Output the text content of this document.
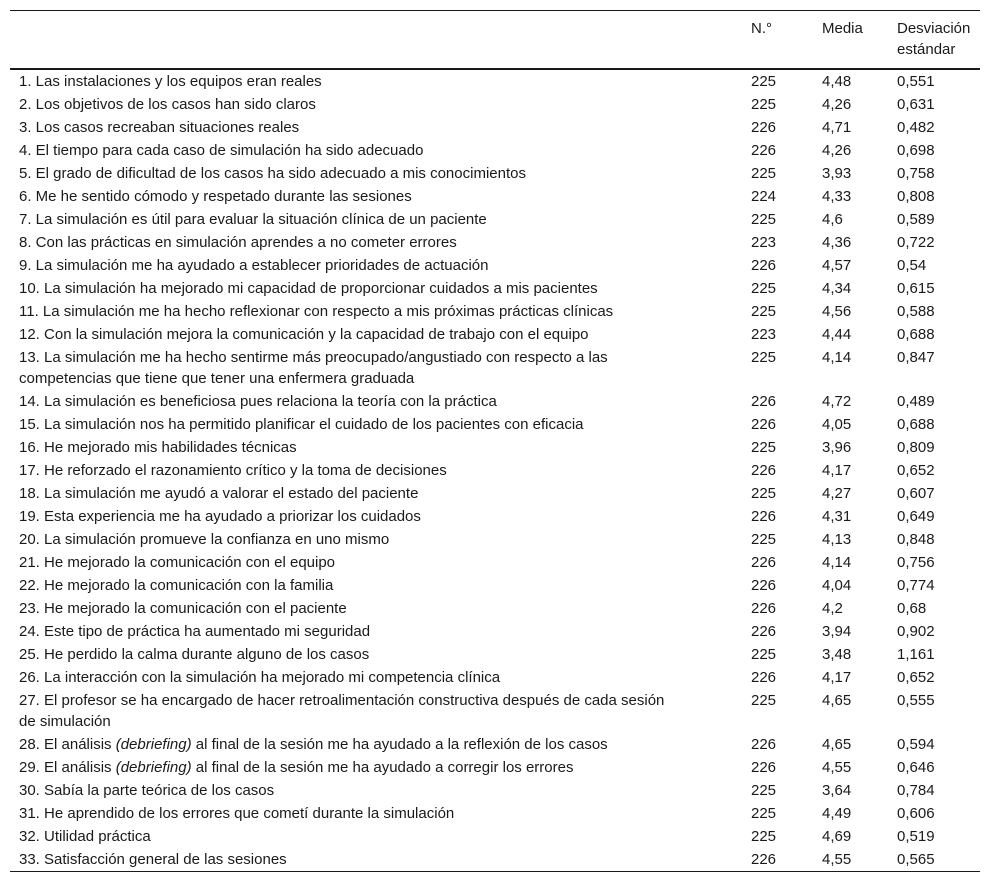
	N.°	Media	Desviación estándar

1. Las instalaciones y los equipos eran reales	225	4,48	0,551

2. Los objetivos de los casos han sido claros	225	4,26	0,631

3. Los casos recreaban situaciones reales	226	4,71	0,482

4. El tiempo para cada caso de simulación ha sido adecuado	226	4,26	0,698

5. El grado de dificultad de los casos ha sido adecuado a mis conocimientos	225	3,93	0,758

6. Me he sentido cómodo y respetado durante las sesiones	224	4,33	0,808

7. La simulación es útil para evaluar la situación clínica de un paciente	225	4,6	0,589

8. Con las prácticas en simulación aprendes a no cometer errores	223	4,36	0,722

9. La simulación me ha ayudado a establecer prioridades de actuación	226	4,57	0,54

10. La simulación ha mejorado mi capacidad de proporcionar cuidados a mis pacientes	225	4,34	0,615

11. La simulación me ha hecho reflexionar con respecto a mis próximas prácticas clínicas	225	4,56	0,588

12. Con la simulación mejora la comunicación y la capacidad de trabajo con el equipo	223	4,44	0,688

13. La simulación me ha hecho sentirme más preocupado/angustiado con respecto a las competencias que tiene que tener una enfermera graduada	225	4,14	0,847

14. La simulación es beneficiosa pues relaciona la teoría con la práctica	226	4,72	0,489

15. La simulación nos ha permitido planificar el cuidado de los pacientes con eficacia	226	4,05	0,688

16. He mejorado mis habilidades técnicas	225	3,96	0,809

17. He reforzado el razonamiento crítico y la toma de decisiones	226	4,17	0,652

18. La simulación me ayudó a valorar el estado del paciente	225	4,27	0,607

19. Esta experiencia me ha ayudado a priorizar los cuidados	226	4,31	0,649

20. La simulación promueve la confianza en uno mismo	225	4,13	0,848

21. He mejorado la comunicación con el equipo	226	4,14	0,756

22. He mejorado la comunicación con la familia	226	4,04	0,774

23. He mejorado la comunicación con el paciente	226	4,2	0,68

24. Este tipo de práctica ha aumentado mi seguridad	226	3,94	0,902

25. He perdido la calma durante alguno de los casos	225	3,48	1,161

26. La interacción con la simulación ha mejorado mi competencia clínica	226	4,17	0,652

27. El profesor se ha encargado de hacer retroalimentación constructiva después de cada sesión de simulación	225	4,65	0,555

28. El análisis (debriefing) al final de la sesión me ha ayudado a la reflexión de los casos	226	4,65	0,594

29. El análisis (debriefing) al final de la sesión me ha ayudado a corregir los errores	226	4,55	0,646

30. Sabía la parte teórica de los casos	225	3,64	0,784

31. He aprendido de los errores que cometí durante la simulación	225	4,49	0,606

32. Utilidad práctica	225	4,69	0,519

33. Satisfacción general de las sesiones	226	4,55	0,565
